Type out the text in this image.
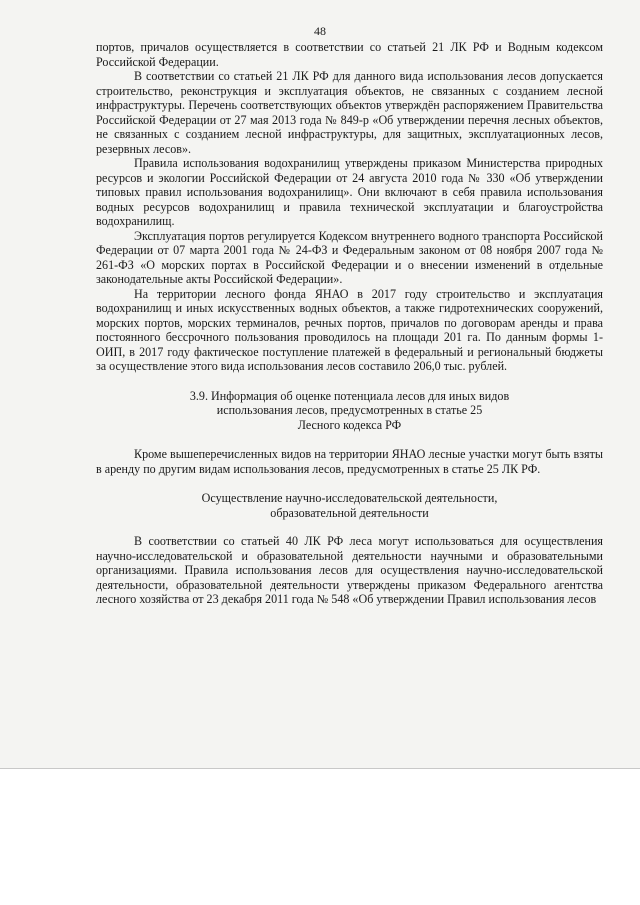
48

портов, причалов осуществляется в соответствии со статьей 21 ЛК РФ и Водным кодексом Российской Федерации.

В соответствии со статьей 21 ЛК РФ для данного вида использования лесов допускается строительство, реконструкция и эксплуатация объектов, не связанных с созданием лесной инфраструктуры. Перечень соответствующих объектов утверждён распоряжением Правительства Российской Федерации от 27 мая 2013 года № 849-р «Об утверждении перечня лесных объектов, не связанных с созданием лесной инфраструктуры, для защитных, эксплуатационных лесов, резервных лесов».

Правила использования водохранилищ утверждены приказом Министерства природных ресурсов и экологии Российской Федерации от 24 августа 2010 года № 330 «Об утверждении типовых правил использования водохранилищ». Они включают в себя правила использования водных ресурсов водохранилищ и правила технической эксплуатации и благоустройства водохранилищ.

Эксплуатация портов регулируется Кодексом внутреннего водного транспорта Российской Федерации от 07 марта 2001 года № 24-ФЗ и Федеральным законом от 08 ноября 2007 года № 261-ФЗ «О морских портах в Российской Федерации и о внесении изменений в отдельные законодательные акты Российской Федерации».

На территории лесного фонда ЯНАО в 2017 году строительство и эксплуатация водохранилищ и иных искусственных водных объектов, а также гидротехнических сооружений, морских портов, морских терминалов, речных портов, причалов по договорам аренды и права постоянного бессрочного пользования проводилось на площади 201 га. По данным формы 1-ОИП, в 2017 году фактическое поступление платежей в федеральный и региональный бюджеты за осуществление этого вида использования лесов составило 206,0 тыс. рублей.

3.9. Информация об оценке потенциала лесов для иных видов
использования лесов, предусмотренных в статье 25
Лесного кодекса РФ

Кроме вышеперечисленных видов на территории ЯНАО лесные участки могут быть взяты в аренду по другим видам использования лесов, предусмотренных в статье 25 ЛК РФ.

Осуществление научно-исследовательской деятельности,
образовательной деятельности

В соответствии со статьей 40 ЛК РФ леса могут использоваться для осуществления научно-исследовательской и образовательной деятельности научными и образовательными организациями. Правила использования лесов для осуществления научно-исследовательской деятельности, образовательной деятельности утверждены приказом Федерального агентства лесного хозяйства от 23 декабря 2011 года № 548 «Об утверждении Правил использования лесов
